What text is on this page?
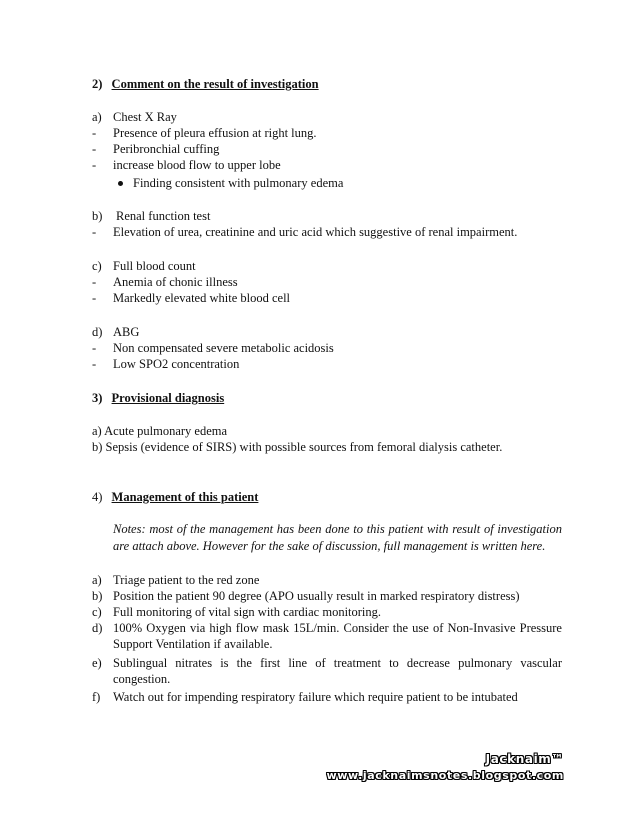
2) Comment on the result of investigation
a) Chest X Ray
-	Presence of pleura effusion at right lung.
-	Peribronchial cuffing
-	increase blood flow to upper lobe
Finding consistent with pulmonary edema
b)	Renal function test
-	Elevation of urea, creatinine and uric acid which suggestive of renal impairment.
c) Full blood count
-	Anemia of chonic illness
-	Markedly elevated white blood cell
d) ABG
-	Non compensated severe metabolic acidosis
-	Low SPO2 concentration
3) Provisional diagnosis
a) Acute pulmonary edema
b) Sepsis (evidence of SIRS) with possible sources from femoral dialysis catheter.
4) Management of this patient
Notes: most of the management has been done to this patient with result of investigation are attach above. However for the sake of discussion, full management is written here.
a) Triage patient to the red zone
b) Position the patient 90 degree (APO usually result in marked respiratory distress)
c) Full monitoring of vital sign with cardiac monitoring.
d) 100% Oxygen via high flow mask 15L/min. Consider the use of Non-Invasive Pressure Support Ventilation if available.
e) Sublingual nitrates is the first line of treatment to decrease pulmonary vascular congestion.
f)	Watch out for impending respiratory failure which require patient to be intubated
Jacknaim™
www.jacknaimsnotes.blogspot.com
